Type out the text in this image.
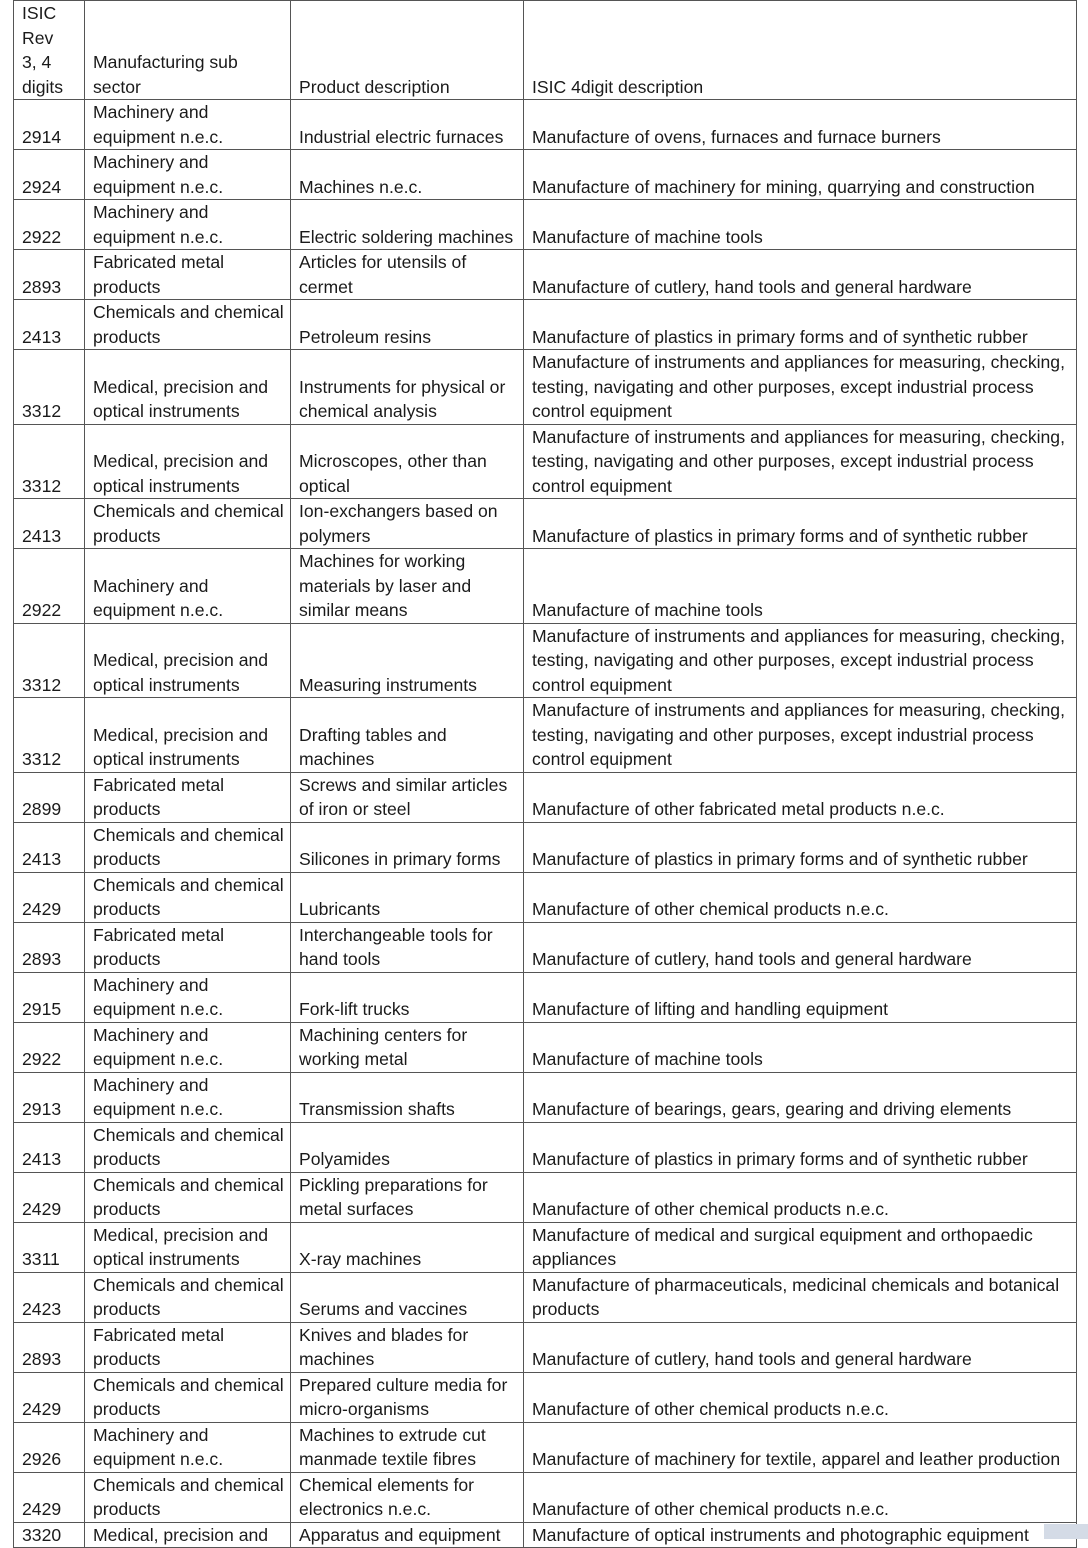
ISIC Rev 3, 4 digits	Manufacturing sub sector	Product description	ISIC 4digit description
2914	Machinery and equipment n.e.c.	Industrial electric furnaces	Manufacture of ovens, furnaces and furnace burners
2924	Machinery and equipment n.e.c.	Machines n.e.c.	Manufacture of machinery for mining, quarrying and construction
2922	Machinery and equipment n.e.c.	Electric soldering machines	Manufacture of machine tools
2893	Fabricated metal products	Articles for utensils of cermet	Manufacture of cutlery, hand tools and general hardware
2413	Chemicals and chemical products	Petroleum resins	Manufacture of plastics in primary forms and of synthetic rubber
3312	Medical, precision and optical instruments	Instruments for physical or chemical analysis	Manufacture of instruments and appliances for measuring, checking, testing, navigating and other purposes, except industrial process control equipment
3312	Medical, precision and optical instruments	Microscopes, other than optical	Manufacture of instruments and appliances for measuring, checking, testing, navigating and other purposes, except industrial process control equipment
2413	Chemicals and chemical products	Ion-exchangers based on polymers	Manufacture of plastics in primary forms and of synthetic rubber
2922	Machinery and equipment n.e.c.	Machines for working materials by laser and similar means	Manufacture of machine tools
3312	Medical, precision and optical instruments	Measuring instruments	Manufacture of instruments and appliances for measuring, checking, testing, navigating and other purposes, except industrial process control equipment
3312	Medical, precision and optical instruments	Drafting tables and machines	Manufacture of instruments and appliances for measuring, checking, testing, navigating and other purposes, except industrial process control equipment
2899	Fabricated metal products	Screws and similar articles of iron or steel	Manufacture of other fabricated metal products n.e.c.
2413	Chemicals and chemical products	Silicones in primary forms	Manufacture of plastics in primary forms and of synthetic rubber
2429	Chemicals and chemical products	Lubricants	Manufacture of other chemical products n.e.c.
2893	Fabricated metal products	Interchangeable tools for hand tools	Manufacture of cutlery, hand tools and general hardware
2915	Machinery and equipment n.e.c.	Fork-lift trucks	Manufacture of lifting and handling equipment
2922	Machinery and equipment n.e.c.	Machining centers for working metal	Manufacture of machine tools
2913	Machinery and equipment n.e.c.	Transmission shafts	Manufacture of bearings, gears, gearing and driving elements
2413	Chemicals and chemical products	Polyamides	Manufacture of plastics in primary forms and of synthetic rubber
2429	Chemicals and chemical products	Pickling preparations for metal surfaces	Manufacture of other chemical products n.e.c.
3311	Medical, precision and optical instruments	X-ray machines	Manufacture of medical and surgical equipment and orthopaedic appliances
2423	Chemicals and chemical products	Serums and vaccines	Manufacture of pharmaceuticals, medicinal chemicals and botanical products
2893	Fabricated metal products	Knives and blades for machines	Manufacture of cutlery, hand tools and general hardware
2429	Chemicals and chemical products	Prepared culture media for micro-organisms	Manufacture of other chemical products n.e.c.
2926	Machinery and equipment n.e.c.	Machines to extrude cut manmade textile fibres	Manufacture of machinery for textile, apparel and leather production
2429	Chemicals and chemical products	Chemical elements for electronics n.e.c.	Manufacture of other chemical products n.e.c.
3320	Medical, precision and	Apparatus and equipment	Manufacture of optical instruments and photographic equipment
